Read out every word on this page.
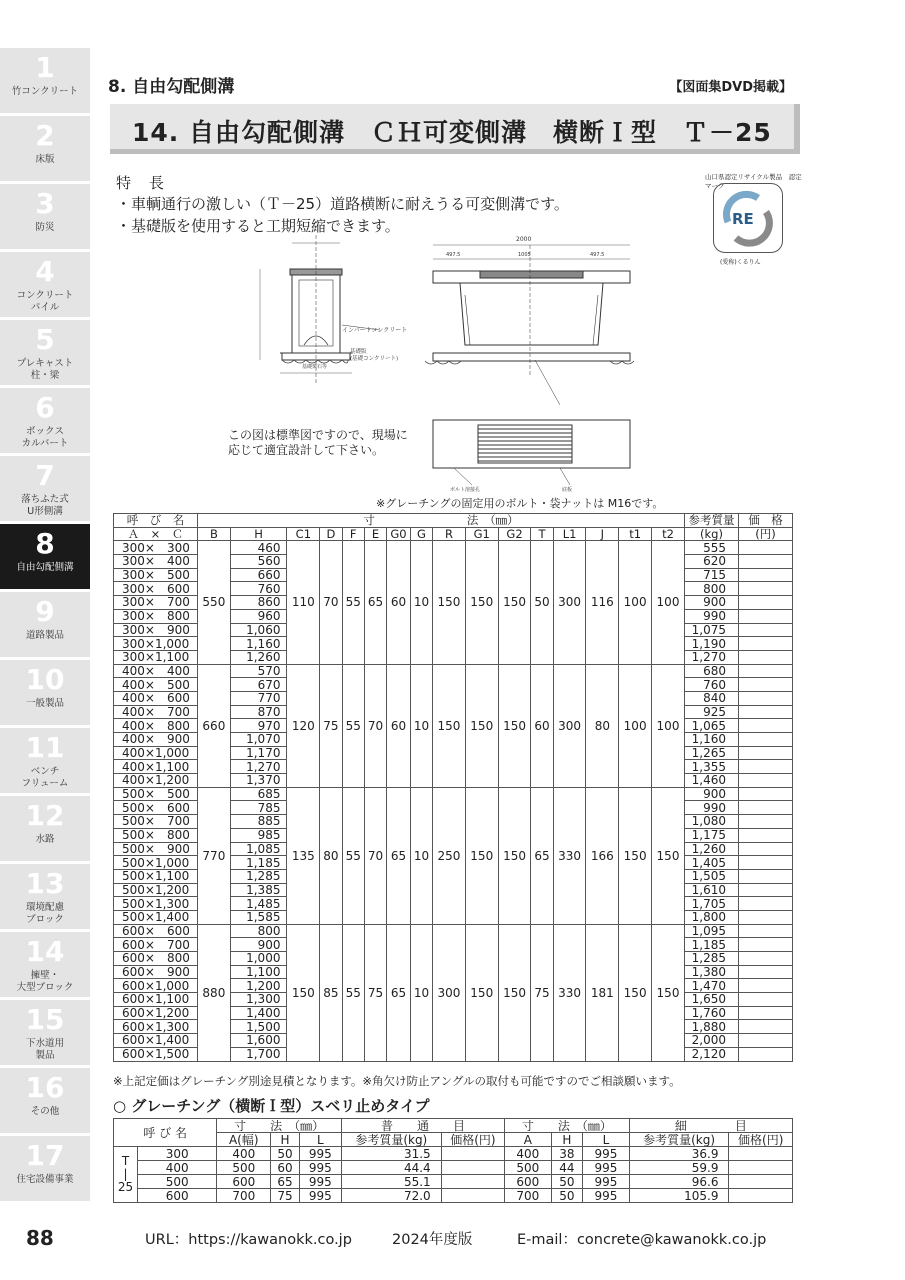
1
竹コンクリート
2
床版
3
防災
4
コンクリート
パイル
5
プレキャスト
柱・梁
6
ボックス
カルバート
7
落ちふた式
U形側溝
8
自由勾配側溝
9
道路製品
10
一般製品
11
ベンチ
フリューム
12
水路
13
環境配慮
ブロック
14
擁壁・
大型ブロック
15
下水道用
製品
16
その他
17
住宅設備事業
88
8. 自由勾配側溝	【図面集DVD掲載】
14. 自由勾配側溝　ＣＨ可変側溝　横断Ｉ型　Ｔ－25
特長
・車輌通行の激しい（Ｔ－25）道路横断に耐えうる可変側溝です。
・基礎版を使用すると工期短縮できます。
山口県認定リサイクル製品　認定マーク
RE
(愛称)くるりん
インバートコンクリート
基礎版
(基礎コンクリート)
基礎栗石等
2000
497.5	1005	497.5
ボルト溶接孔	底板
この図は標準図ですので、現場に
応じて適宜設計して下さい。
※グレーチングの固定用のボルト・袋ナットは M16です。
呼　び　名	寸　　　　　　　　法　（㎜）																参考質量	価　格
Ａ　×　Ｃ	B	H	C1	D	F	E	G0	G	R	G1	G2	T	L1	J	t1	t2	(kg)	(円)
300×　300	550	460	110	70	55	65	60	10	150	150	150	50	300	116	100	100	555	
300×　400		560															620	
300×　500		660															715	
300×　600		760															800	
300×　700		860															900	
300×　800		960															990	
300×　900		1,060															1,075	
300×1,000		1,160															1,190	
300×1,100		1,260															1,270	
400×　400	660	570	120	75	55	70	60	10	150	150	150	60	300	80	100	100	680	
400×　500		670															760	
400×　600		770															840	
400×　700		870															925	
400×　800		970															1,065	
400×　900		1,070															1,160	
400×1,000		1,170															1,265	
400×1,100		1,270															1,355	
400×1,200		1,370															1,460	
500×　500	770	685	135	80	55	70	65	10	250	150	150	65	330	166	150	150	900	
500×　600		785															990	
500×　700		885															1,080	
500×　800		985															1,175	
500×　900		1,085															1,260	
500×1,000		1,185															1,405	
500×1,100		1,285															1,505	
500×1,200		1,385															1,610	
500×1,300		1,485															1,705	
500×1,400		1,585															1,800	
600×　600	880	800	150	85	55	75	65	10	300	150	150	75	330	181	150	150	1,095	
600×　700		900															1,185	
600×　800		1,000															1,285	
600×　900		1,100															1,380	
600×1,000		1,200															1,470	
600×1,100		1,300															1,650	
600×1,200		1,400															1,760	
600×1,300		1,500															1,880	
600×1,400		1,600															2,000	
600×1,500		1,700															2,120	
※上記定価はグレーチング別途見積となります。※角欠け防止アングルの取付も可能ですのでご相談願います。
○ グレーチング（横断Ｉ型）スベリ止めタイプ
呼 び 名		寸　　法　（㎜）			普　　通　　目		寸　　法　（㎜）			細　　　　目	
		A(幅)	H	L	参考質量(kg)	価格(円)	A	H	L	参考質量(kg)	価格(円)
T
|
25	300	400	50	995	31.5		400	38	995	36.9	
	400	500	60	995	44.4		500	44	995	59.9	
	500	600	65	995	55.1		600	50	995	96.6	
	600	700	75	995	72.0		700	50	995	105.9	
URL：https://kawanokk.co.jp	2024年度版	E-mail：concrete@kawanokk.co.jp
